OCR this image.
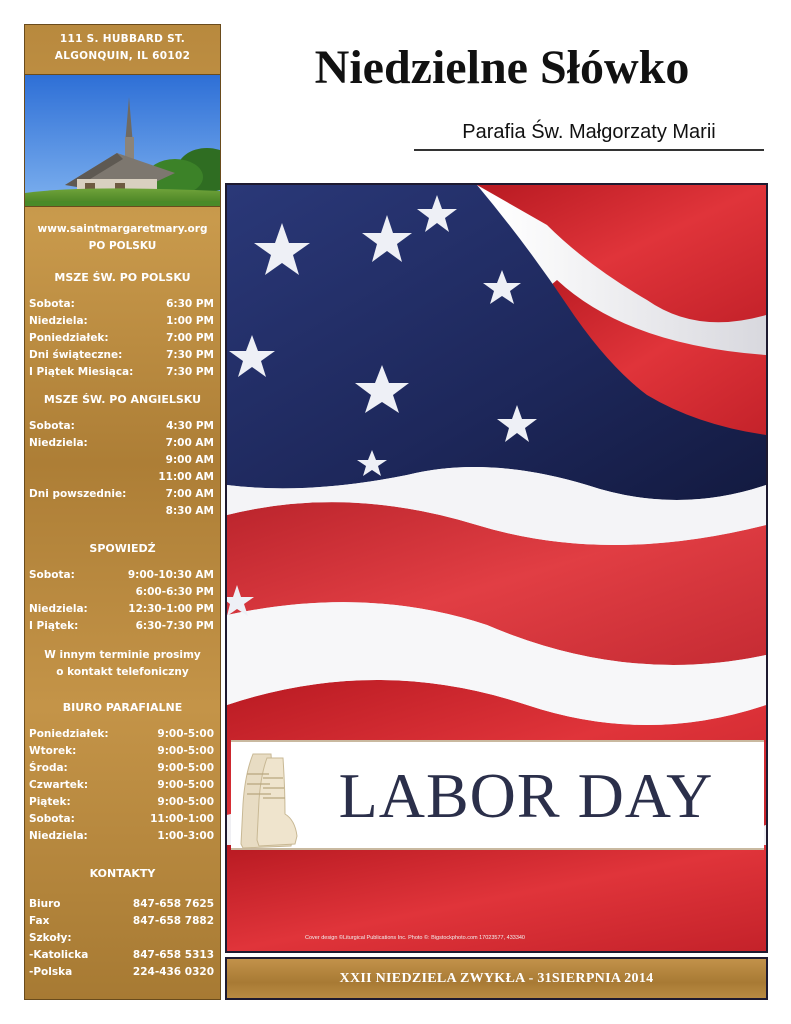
111 S. HUBBARD ST.
ALGONQUIN, IL 60102
www.saintmargaretmary.org
PO POLSKU
MSZE ŚW. PO POLSKU
Sobota:	6:30 PM
Niedziela:	1:00 PM
Poniedziałek:	7:00 PM
Dni świąteczne:	7:30 PM
I Piątek Miesiąca:	7:30 PM
MSZE ŚW. PO ANGIELSKU
Sobota:	4:30 PM
Niedziela:	7:00 AM
9:00 AM
11:00 AM
Dni powszednie:	7:00 AM
8:30 AM
SPOWIEDŹ
Sobota:	9:00-10:30 AM
6:00-6:30 PM
Niedziela:	12:30-1:00 PM
I Piątek:	6:30-7:30 PM
W innym terminie prosimy
o kontakt telefoniczny
BIURO PARAFIALNE
Poniedziałek:	9:00-5:00
Wtorek:	9:00-5:00
Środa:	9:00-5:00
Czwartek:	9:00-5:00
Piątek:	9:00-5:00
Sobota:	11:00-1:00
Niedziela:	1:00-3:00
KONTAKTY
Biuro	847-658 7625
Fax	847-658 7882
Szkoły:
-Katolicka	847-658 5313
-Polska	224-436 0320
Niedzielne Słówko
Parafia Św. Małgorzaty Marii
LABOR DAY
Cover design ©Liturgical Publications Inc. Photo ©: Bigstockphoto.com 17023577, 433340
XXII NIEDZIELA ZWYKŁA - 31SIERPNIA 2014
